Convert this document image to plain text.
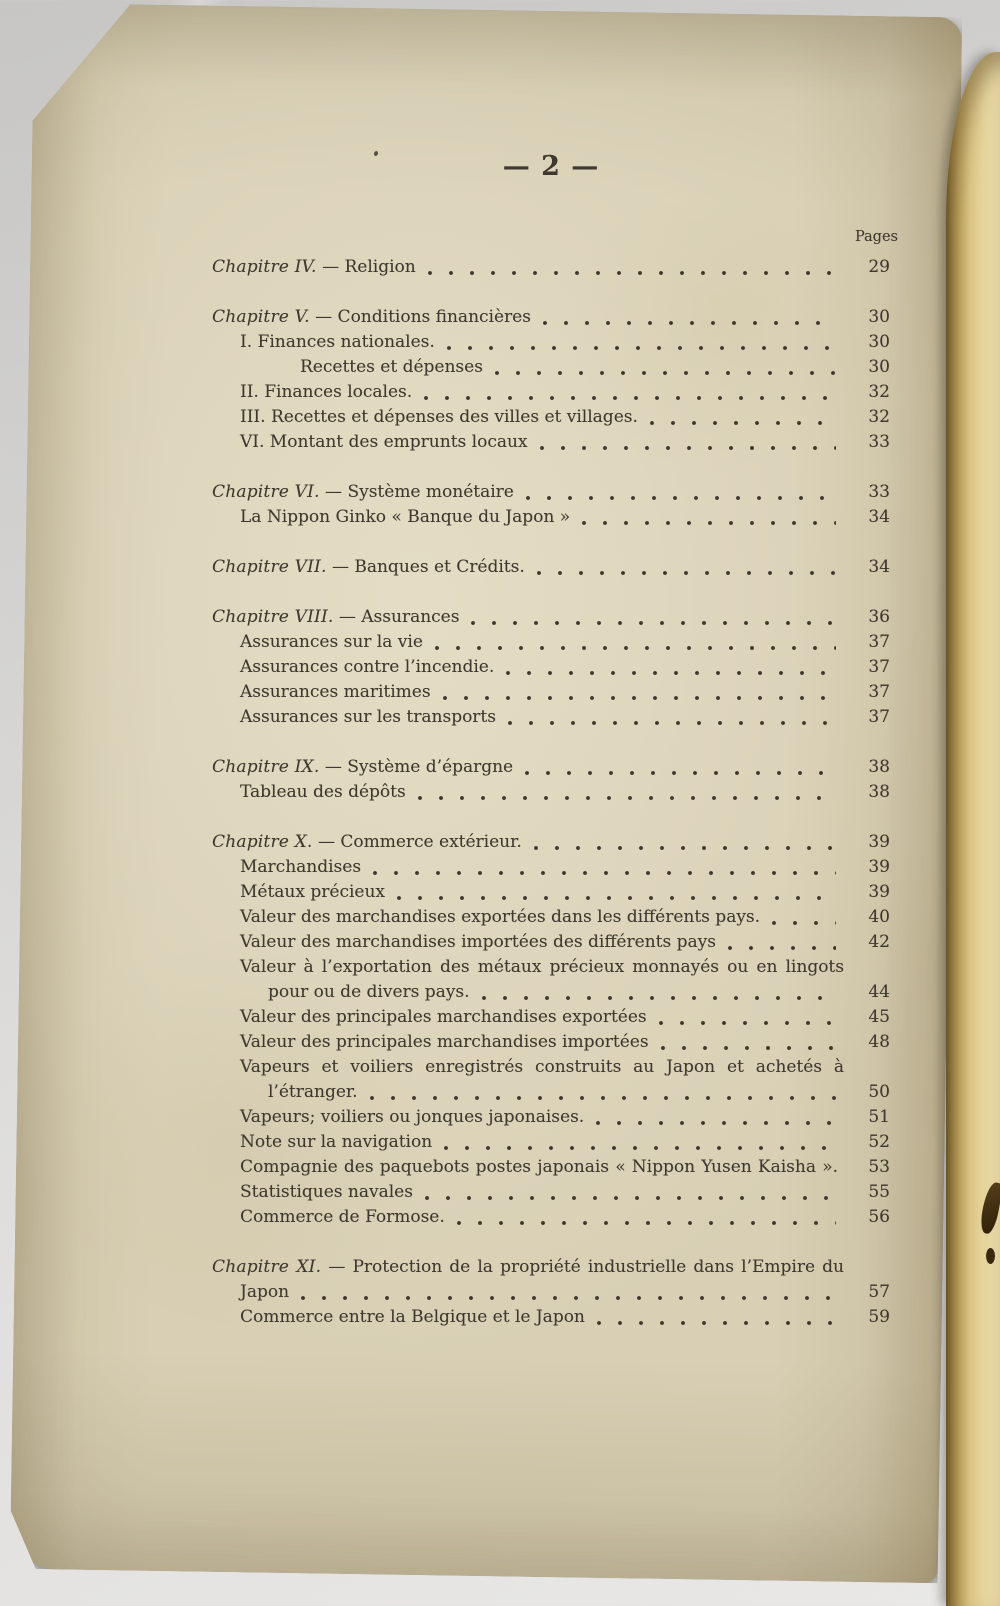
— 2 —
Pages
Chapitre IV. — Religion	29
Chapitre V. — Conditions financières	30
I. Finances nationales.	30
Recettes et dépenses	30
II. Finances locales.	32
III. Recettes et dépenses des villes et villages.	32
VI. Montant des emprunts locaux	33
Chapitre VI. — Système monétaire	33
La Nippon Ginko « Banque du Japon »	34
Chapitre VII. — Banques et Crédits.	34
Chapitre VIII. — Assurances	36
Assurances sur la vie	37
Assurances contre l’incendie.	37
Assurances maritimes	37
Assurances sur les transports	37
Chapitre IX. — Système d’épargne	38
Tableau des dépôts	38
Chapitre X. — Commerce extérieur.	39
Marchandises	39
Métaux précieux	39
Valeur des marchandises exportées dans les différents pays.	40
Valeur des marchandises importées des différents pays	42
Valeur à l’exportation des métaux précieux monnayés ou en lingots
pour ou de divers pays.	44
Valeur des principales marchandises exportées	45
Valeur des principales marchandises importées	48
Vapeurs et voiliers enregistrés construits au Japon et achetés à
l’étranger.	50
Vapeurs; voiliers ou jonques japonaises.	51
Note sur la navigation	52
Compagnie des paquebots postes japonais « Nippon Yusen Kaisha ».	53
Statistiques navales	55
Commerce de Formose.	56
Chapitre XI. — Protection de la propriété industrielle dans l’Empire du
Japon	57
Commerce entre la Belgique et le Japon	59
